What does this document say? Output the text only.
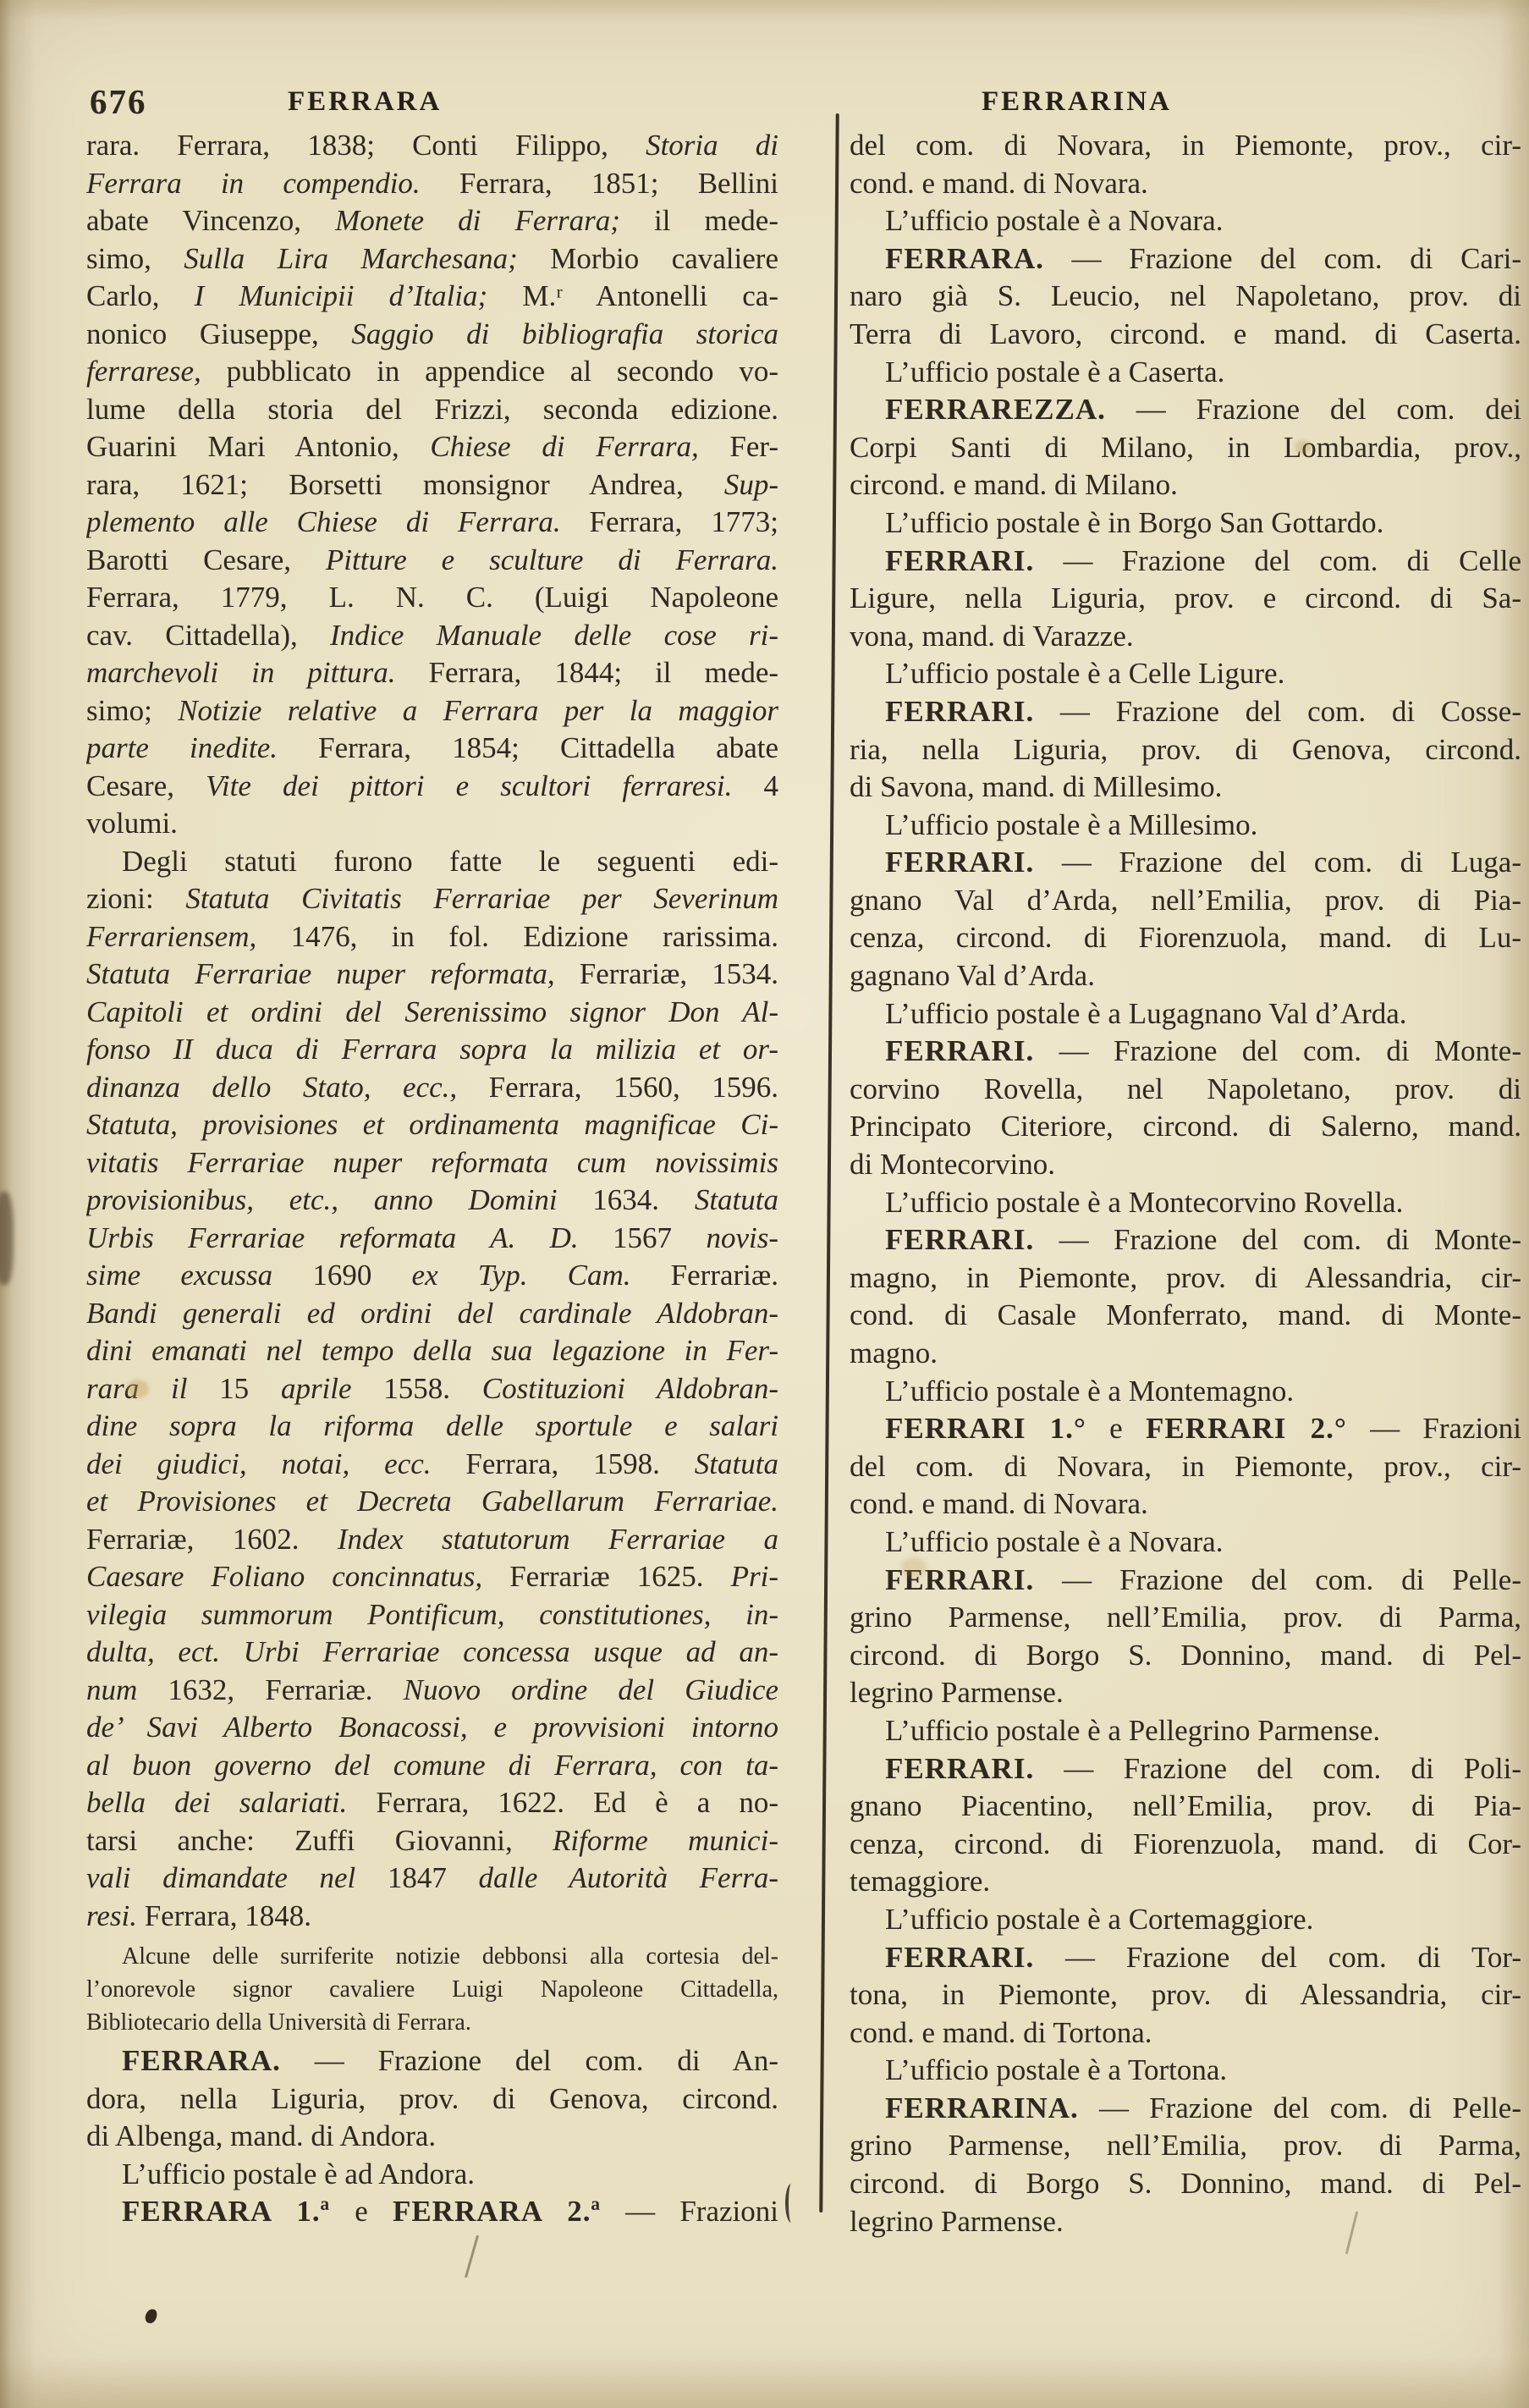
676	FERRARA	FERRARINA
rara. Ferrara, 1838; Conti Filippo, Storia di
Ferrara in compendio. Ferrara, 1851; Bellini
abate Vincenzo, Monete di Ferrara; il mede-
simo, Sulla Lira Marchesana; Morbio cavaliere
Carlo, I Municipii d’Italia; M.ʳ Antonelli ca-
nonico Giuseppe, Saggio di bibliografia storica
ferrarese, pubblicato in appendice al secondo vo-
lume della storia del Frizzi, seconda edizione.
Guarini Mari Antonio, Chiese di Ferrara, Fer-
rara, 1621; Borsetti monsignor Andrea, Sup-
plemento alle Chiese di Ferrara. Ferrara, 1773;
Barotti Cesare, Pitture e sculture di Ferrara.
Ferrara, 1779, L. N. C. (Luigi Napoleone
cav. Cittadella), Indice Manuale delle cose ri-
marchevoli in pittura. Ferrara, 1844; il mede-
simo; Notizie relative a Ferrara per la maggior
parte inedite. Ferrara, 1854; Cittadella abate
Cesare, Vite dei pittori e scultori ferraresi. 4
volumi.
Degli statuti furono fatte le seguenti edi-
zioni: Statuta Civitatis Ferrariae per Severinum
Ferrariensem, 1476, in fol. Edizione rarissima.
Statuta Ferrariae nuper reformata, Ferrariæ, 1534.
Capitoli et ordini del Serenissimo signor Don Al-
fonso II duca di Ferrara sopra la milizia et or-
dinanza dello Stato, ecc., Ferrara, 1560, 1596.
Statuta, provisiones et ordinamenta magnificae Ci-
vitatis Ferrariae nuper reformata cum novissimis
provisionibus, etc., anno Domini 1634. Statuta
Urbis Ferrariae reformata A. D. 1567 novis-
sime excussa 1690 ex Typ. Cam. Ferrariæ.
Bandi generali ed ordini del cardinale Aldobran-
dini emanati nel tempo della sua legazione in Fer-
rara il 15 aprile 1558. Costituzioni Aldobran-
dine sopra la riforma delle sportule e salari
dei giudici, notai, ecc. Ferrara, 1598. Statuta
et Provisiones et Decreta Gabellarum Ferrariae.
Ferrariæ, 1602. Index statutorum Ferrariae a
Caesare Foliano concinnatus, Ferrariæ 1625. Pri-
vilegia summorum Pontificum, constitutiones, in-
dulta, ect. Urbi Ferrariae concessa usque ad an-
num 1632, Ferrariæ. Nuovo ordine del Giudice
de’ Savi Alberto Bonacossi, e provvisioni intorno
al buon governo del comune di Ferrara, con ta-
bella dei salariati. Ferrara, 1622. Ed è a no-
tarsi anche: Zuffi Giovanni, Riforme munici-
vali dimandate nel 1847 dalle Autorità Ferra-
resi. Ferrara, 1848.
Alcune delle surriferite notizie debbonsi alla cortesia del-
l’onorevole signor cavaliere Luigi Napoleone Cittadella,
Bibliotecario della Università di Ferrara.
FERRARA. — Frazione del com. di An-
dora, nella Liguria, prov. di Genova, circond.
di Albenga, mand. di Andora.
L’ufficio postale è ad Andora.
FERRARA 1.ª e FERRARA 2.ª — Frazioni
del com. di Novara, in Piemonte, prov., cir-
cond. e mand. di Novara.
L’ufficio postale è a Novara.
FERRARA. — Frazione del com. di Cari-
naro già S. Leucio, nel Napoletano, prov. di
Terra di Lavoro, circond. e mand. di Caserta.
L’ufficio postale è a Caserta.
FERRAREZZA. — Frazione del com. dei
Corpi Santi di Milano, in Lombardia, prov.,
circond. e mand. di Milano.
L’ufficio postale è in Borgo San Gottardo.
FERRARI. — Frazione del com. di Celle
Ligure, nella Liguria, prov. e circond. di Sa-
vona, mand. di Varazze.
L’ufficio postale è a Celle Ligure.
FERRARI. — Frazione del com. di Cosse-
ria, nella Liguria, prov. di Genova, circond.
di Savona, mand. di Millesimo.
L’ufficio postale è a Millesimo.
FERRARI. — Frazione del com. di Luga-
gnano Val d’Arda, nell’Emilia, prov. di Pia-
cenza, circond. di Fiorenzuola, mand. di Lu-
gagnano Val d’Arda.
L’ufficio postale è a Lugagnano Val d’Arda.
FERRARI. — Frazione del com. di Monte-
corvino Rovella, nel Napoletano, prov. di
Principato Citeriore, circond. di Salerno, mand.
di Montecorvino.
L’ufficio postale è a Montecorvino Rovella.
FERRARI. — Frazione del com. di Monte-
magno, in Piemonte, prov. di Alessandria, cir-
cond. di Casale Monferrato, mand. di Monte-
magno.
L’ufficio postale è a Montemagno.
FERRARI 1.° e FERRARI 2.° — Frazioni
del com. di Novara, in Piemonte, prov., cir-
cond. e mand. di Novara.
L’ufficio postale è a Novara.
FERRARI. — Frazione del com. di Pelle-
grino Parmense, nell’Emilia, prov. di Parma,
circond. di Borgo S. Donnino, mand. di Pel-
legrino Parmense.
L’ufficio postale è a Pellegrino Parmense.
FERRARI. — Frazione del com. di Poli-
gnano Piacentino, nell’Emilia, prov. di Pia-
cenza, circond. di Fiorenzuola, mand. di Cor-
temaggiore.
L’ufficio postale è a Cortemaggiore.
FERRARI. — Frazione del com. di Tor-
tona, in Piemonte, prov. di Alessandria, cir-
cond. e mand. di Tortona.
L’ufficio postale è a Tortona.
FERRARINA. — Frazione del com. di Pelle-
grino Parmense, nell’Emilia, prov. di Parma,
circond. di Borgo S. Donnino, mand. di Pel-
legrino Parmense.
